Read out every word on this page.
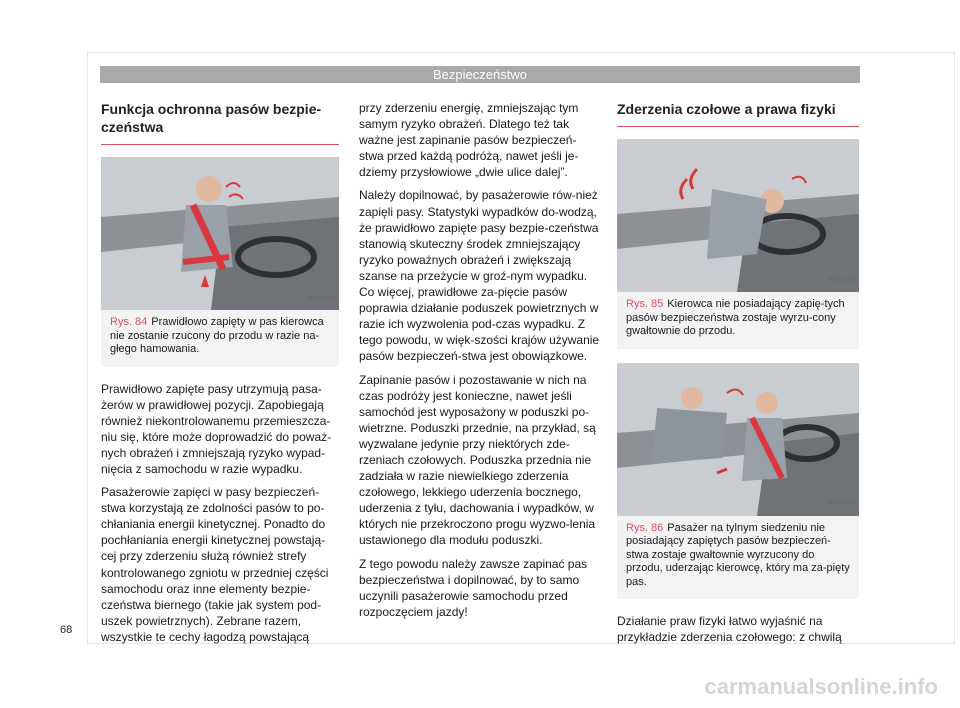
Bezpieczeństwo
Funkcja ochronna pasów bezpie-czeństwa
B5F-0295
Rys. 84 Prawidłowo zapięty w pas kierowca nie zostanie rzucony do przodu w razie na-głego hamowania.

Prawidłowo zapięte pasy utrzymują pasa-żerów w prawidłowej pozycji. Zapobiegają również niekontrolowanemu przemieszcza-niu się, które może doprowadzić do poważ-nych obrażeń i zmniejszają ryzyko wypad-nięcia z samochodu w razie wypadku.

Pasażerowie zapięci w pasy bezpieczeń-stwa korzystają ze zdolności pasów to po-chłaniania energii kinetycznej. Ponadto do pochłaniania energii kinetycznej powstają-cej przy zderzeniu służą również strefy kontrolowanego zgniotu w przedniej części samochodu oraz inne elementy bezpie-czeństwa biernego (takie jak system pod-uszek powietrznych). Zebrane razem, wszystkie te cechy łagodzą powstającą

przy zderzeniu energię, zmniejszając tym samym ryzyko obrażeń. Dlatego też tak ważne jest zapinanie pasów bezpieczeń-stwa przed każdą podróżą, nawet jeśli je-dziemy przysłowiowe „dwie ulice dalej”.

Należy dopilnować, by pasażerowie rów-nież zapięli pasy. Statystyki wypadków do-wodzą, że prawidłowo zapięte pasy bezpie-czeństwa stanowią skuteczny środek zmniejszający ryzyko poważnych obrażeń i zwiększają szanse na przeżycie w groź-nym wypadku. Co więcej, prawidłowe za-pięcie pasów poprawia działanie poduszek powietrznych w razie ich wyzwolenia pod-czas wypadku. Z tego powodu, w więk-szości krajów używanie pasów bezpieczeń-stwa jest obowiązkowe.

Zapinanie pasów i pozostawanie w nich na czas podróży jest konieczne, nawet jeśli samochód jest wyposażony w poduszki po-wietrzne. Poduszki przednie, na przykład, są wyzwalane jedynie przy niektórych zde-rzeniach czołowych. Poduszka przednia nie zadziała w razie niewielkiego zderzenia czołowego, lekkiego uderzenia bocznego, uderzenia z tyłu, dachowania i wypadków, w których nie przekroczono progu wyzwo-lenia ustawionego dla modułu poduszki.

Z tego powodu należy zawsze zapinać pas bezpieczeństwa i dopilnować, by to samo uczynili pasażerowie samochodu przed rozpoczęciem jazdy!

Zderzenia czołowe a prawa fizyki
B5F-0293
Rys. 85 Kierowca nie posiadający zapię-tych pasów bezpieczeństwa zostaje wyrzu-cony gwałtownie do przodu.
B5F-0294
Rys. 86 Pasażer na tylnym siedzeniu nie posiadający zapiętych pasów bezpieczeń-stwa zostaje gwałtownie wyrzucony do przodu, uderzając kierowcę, który ma za-pięty pas.

Działanie praw fizyki łatwo wyjaśnić na przykładzie zderzenia czołowego: z chwilą

68
carmanualsonline.info
